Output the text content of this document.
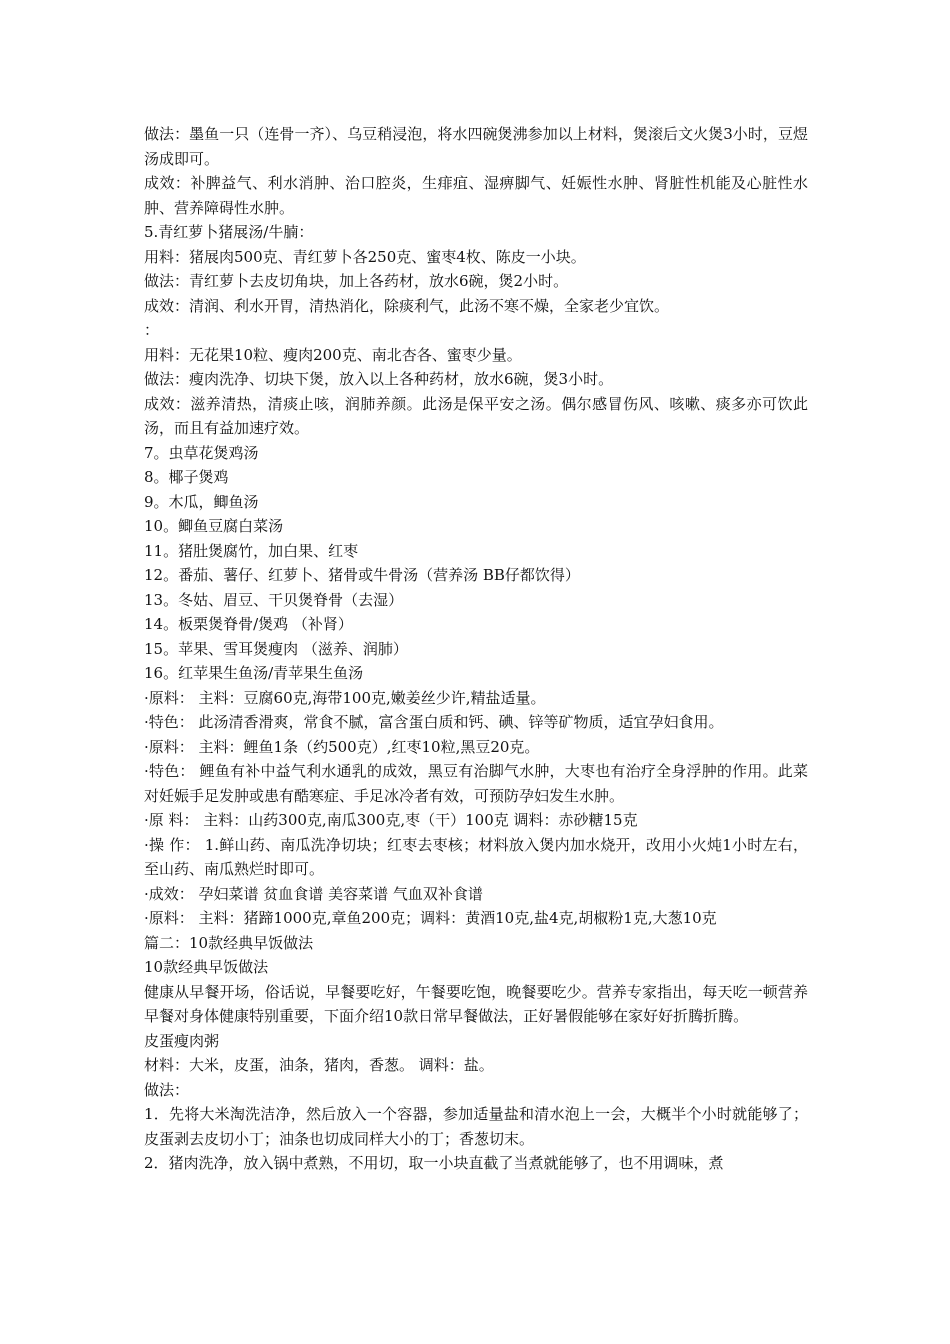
做法：墨鱼一只（连骨一齐）、乌豆稍浸泡，将水四碗煲沸参加以上材料，煲滚后文火煲3小时，豆煜汤成即可。

成效：补脾益气、利水消肿、治口腔炎，生痱疽、湿痹脚气、妊娠性水肿、肾脏性机能及心脏性水肿、营养障碍性水肿。

5.青红萝卜猪展汤/牛腩：

用料：猪展肉500克、青红萝卜各250克、蜜枣4枚、陈皮一小块。

做法：青红萝卜去皮切角块，加上各药材，放水6碗，煲2小时。

成效：清润、利水开胃，清热消化，除痰利气，此汤不寒不燥，全家老少宜饮。

：

用料：无花果10粒、瘦肉200克、南北杏各、蜜枣少量。

做法：瘦肉洗净、切块下煲，放入以上各种药材，放水6碗，煲3小时。

成效：滋养清热，清痰止咳，润肺养颜。此汤是保平安之汤。偶尔感冒伤风、咳嗽、痰多亦可饮此汤，而且有益加速疗效。

7。虫草花煲鸡汤

8。椰子煲鸡

9。木瓜，鲫鱼汤

10。鲫鱼豆腐白菜汤

11。猪肚煲腐竹，加白果、红枣

12。番茄、薯仔、红萝卜、猪骨或牛骨汤（营养汤 BB仔都饮得）

13。冬姑、眉豆、干贝煲脊骨（去湿）

14。板栗煲脊骨/煲鸡 （补肾）

15。苹果、雪耳煲瘦肉 （滋养、润肺）

16。红苹果生鱼汤/青苹果生鱼汤

·原料： 主料：豆腐60克,海带100克,嫩姜丝少许,精盐适量。

·特色： 此汤清香滑爽，常食不腻，富含蛋白质和钙、碘、锌等矿物质，适宜孕妇食用。

·原料： 主料：鲤鱼1条（约500克）,红枣10粒,黑豆20克。

·特色： 鲤鱼有补中益气利水通乳的成效，黑豆有治脚气水肿，大枣也有治疗全身浮肿的作用。此菜对妊娠手足发肿或患有酷寒症、手足冰冷者有效，可预防孕妇发生水肿。

·原 料： 主料：山药300克,南瓜300克,枣（干）100克 调料：赤砂糖15克

·操 作： 1.鲜山药、南瓜洗净切块；红枣去枣核；材料放入煲内加水烧开，改用小火炖1小时左右，至山药、南瓜熟烂时即可。

·成效： 孕妇菜谱 贫血食谱 美容菜谱 气血双补食谱

·原料： 主料：猪蹄1000克,章鱼200克；调料：黄酒10克,盐4克,胡椒粉1克,大葱10克

篇二：10款经典早饭做法

10款经典早饭做法

健康从早餐开场，俗话说，早餐要吃好，午餐要吃饱，晚餐要吃少。营养专家指出，每天吃一顿营养早餐对身体健康特别重要，下面介绍10款日常早餐做法，正好暑假能够在家好好折腾折腾。

皮蛋瘦肉粥

材料：大米，皮蛋，油条，猪肉，香葱。 调料：盐。

做法：

1．先将大米淘洗洁净，然后放入一个容器，参加适量盐和清水泡上一会，大概半个小时就能够了；皮蛋剥去皮切小丁；油条也切成同样大小的丁；香葱切末。

2．猪肉洗净，放入锅中煮熟，不用切，取一小块直截了当煮就能够了，也不用调味，煮
